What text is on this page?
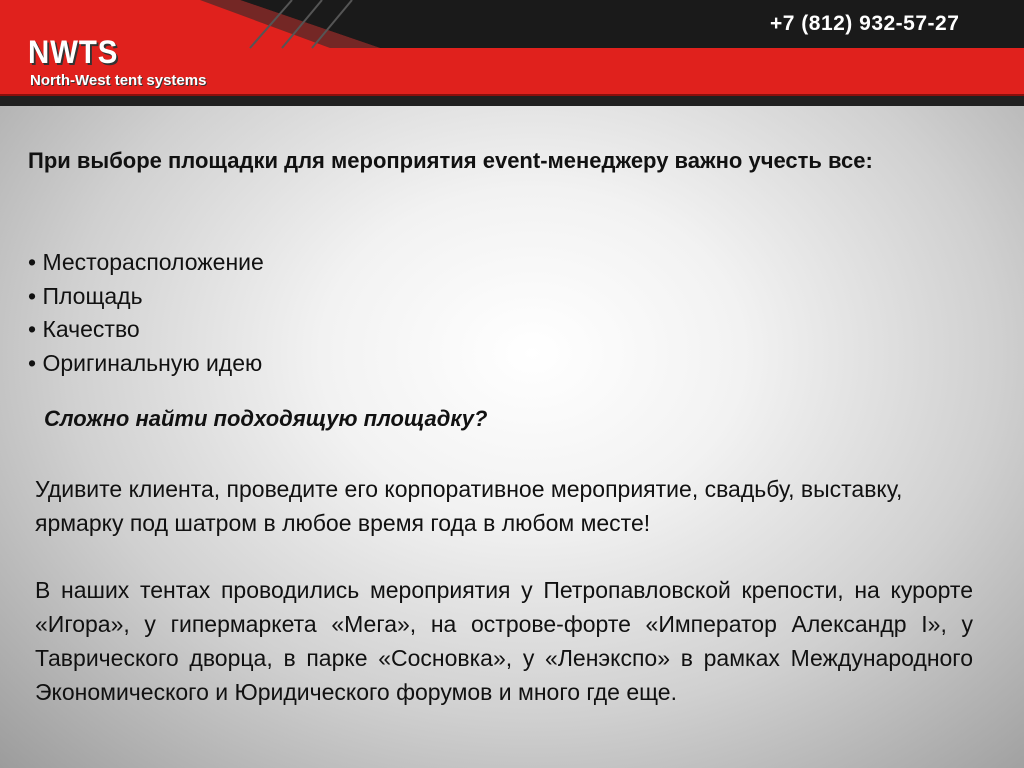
NWTS
North-West tent systems
+7 (812) 932-57-27
При выборе площадки для мероприятия event-менеджеру важно учесть все:
• Месторасположение
• Площадь
• Качество
• Оригинальную идею
Сложно найти подходящую площадку?

Удивите клиента, проведите его корпоративное мероприятие, свадьбу, выставку, ярмарку под шатром в любое время года в любом месте!

В наших тентах проводились мероприятия у Петропавловской крепости, на курорте «Игора», у гипермаркета «Мега», на острове-форте «Император Александр I», у Таврического дворца, в парке «Сосновка», у «Ленэкспо» в рамках Международного Экономического и Юридического форумов и много где еще.
